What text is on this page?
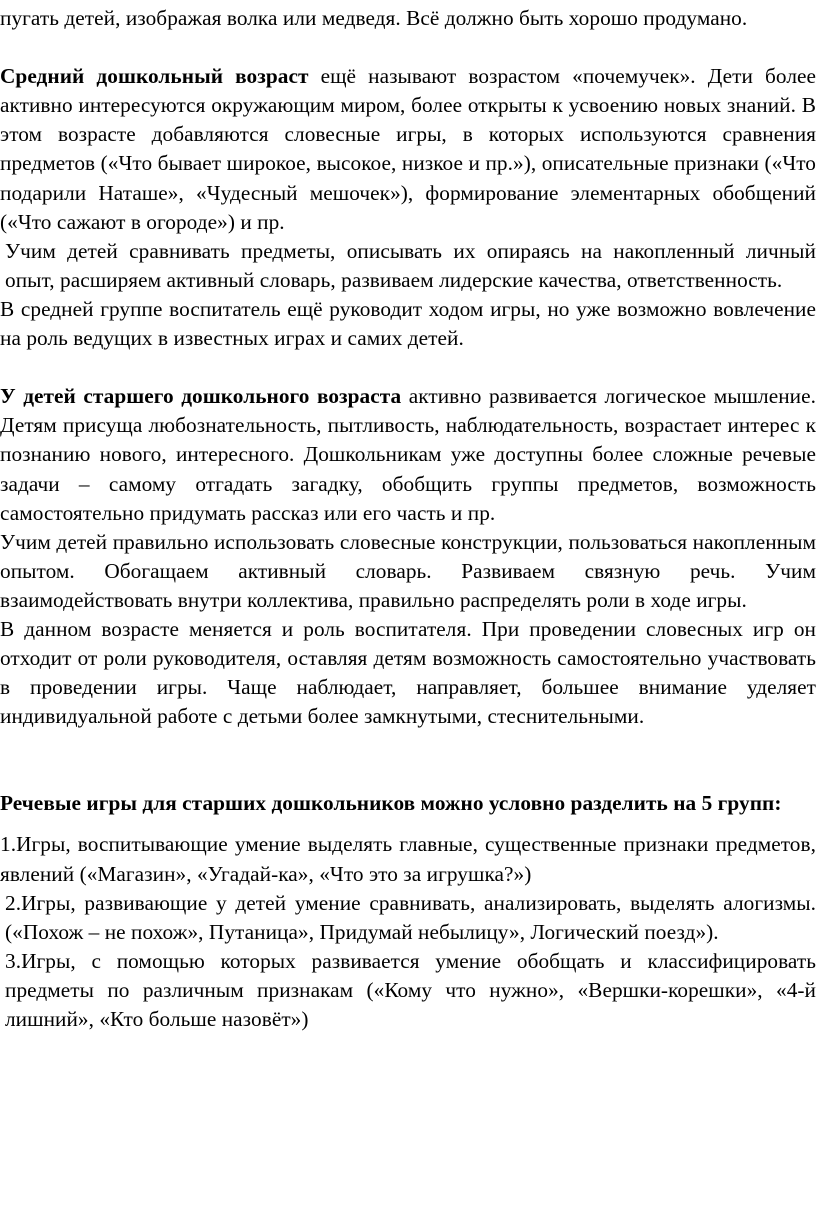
пугать детей, изображая волка или медведя. Всё должно быть хорошо продумано.

Средний дошкольный возраст ещё называют возрастом «почемучек». Дети более активно интересуются окружающим миром, более открыты к усвоению новых знаний. В этом возрасте добавляются словесные игры, в которых используются сравнения предметов («Что бывает широкое, высокое, низкое и пр.»), описательные признаки («Что подарили Наташе», «Чудесный мешочек»), формирование элементарных обобщений («Что сажают в огороде») и пр.

Учим детей сравнивать предметы, описывать их опираясь на накопленный личный опыт, расширяем активный словарь, развиваем лидерские качества, ответственность.

В средней группе воспитатель ещё руководит ходом игры, но уже возможно вовлечение на роль ведущих в известных играх и самих детей.

У детей старшего дошкольного возраста активно развивается логическое мышление. Детям присуща любознательность, пытливость, наблюдательность, возрастает интерес к познанию нового, интересного. Дошкольникам уже доступны более сложные речевые задачи – самому отгадать загадку, обобщить группы предметов, возможность самостоятельно придумать рассказ или его часть и пр.

Учим детей правильно использовать словесные конструкции, пользоваться накопленным опытом. Обогащаем активный словарь. Развиваем связную речь. Учим взаимодействовать внутри коллектива, правильно распределять роли в ходе игры.

В данном возрасте меняется и роль воспитателя. При проведении словесных игр он отходит от роли руководителя, оставляя детям возможность самостоятельно участвовать в проведении игры. Чаще наблюдает, направляет, большее внимание уделяет индивидуальной работе с детьми более замкнутыми, стеснительными.

Речевые игры для старших дошкольников можно условно разделить на 5 групп:

1.Игры, воспитывающие умение выделять главные, существенные признаки предметов, явлений («Магазин», «Угадай-ка», «Что это за игрушка?»)

2.Игры, развивающие у детей умение сравнивать, анализировать, выделять алогизмы. («Похож – не похож», Путаница», Придумай небылицу», Логический поезд»).

3.Игры, с помощью которых развивается умение обобщать и классифицировать предметы по различным признакам («Кому что нужно», «Вершки-корешки», «4-й лишний», «Кто больше назовёт»)
